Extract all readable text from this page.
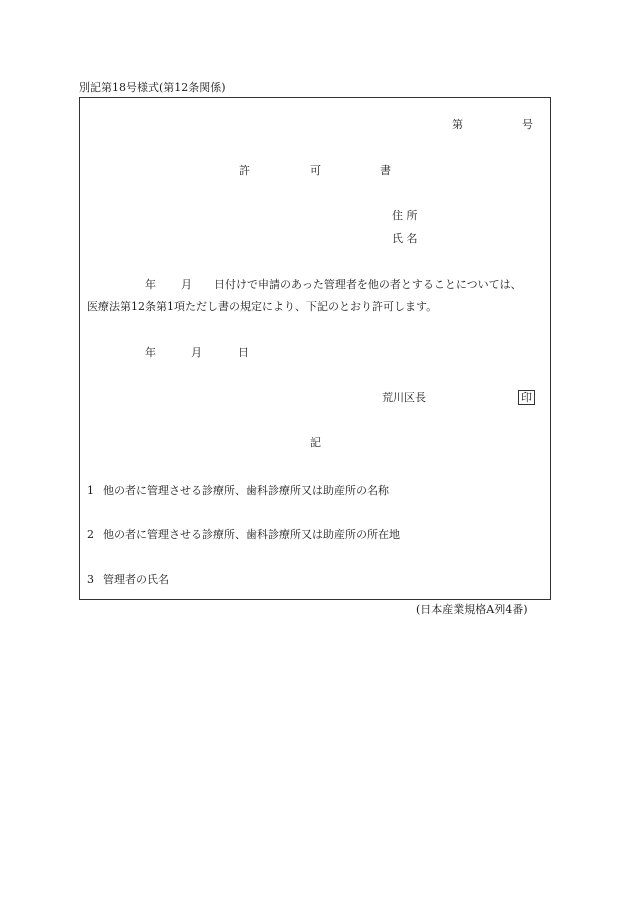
別記第18号様式(第12条関係)
第	号
許	可	書
住 所
氏 名
年 月 日付けで申請のあった管理者を他の者とすることについては、
医療法第12条第1項ただし書の規定により、下記のとおり許可します。
年	月	日
荒川区長	印
記
1 他の者に管理させる診療所、歯科診療所又は助産所の名称
2 他の者に管理させる診療所、歯科診療所又は助産所の所在地
3 管理者の氏名
(日本産業規格A列4番)
